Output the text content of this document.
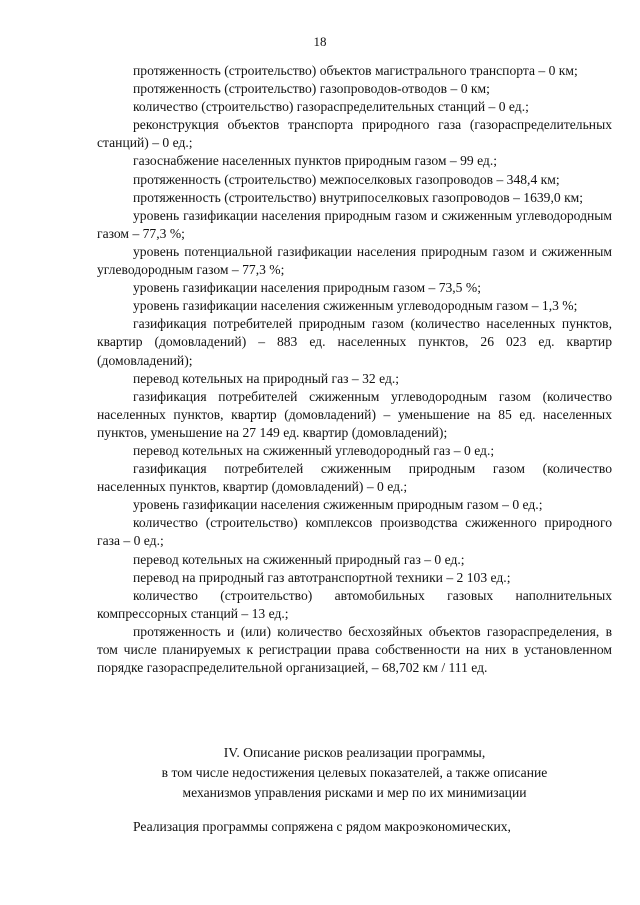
18

протяженность (строительство) объектов магистрального транспорта – 0 км;

протяженность (строительство) газопроводов-отводов – 0 км;

количество (строительство) газораспределительных станций – 0 ед.;

реконструкция объектов транспорта природного газа (газораспределительных станций) – 0 ед.;

газоснабжение населенных пунктов природным газом – 99 ед.;

протяженность (строительство) межпоселковых газопроводов – 348,4 км;

протяженность (строительство) внутрипоселковых газопроводов – 1639,0 км;

уровень газификации населения природным газом и сжиженным углеводородным газом – 77,3 %;

уровень потенциальной газификации населения природным газом и сжиженным углеводородным газом – 77,3 %;

уровень газификации населения природным газом – 73,5 %;

уровень газификации населения сжиженным углеводородным газом – 1,3 %;

газификация потребителей природным газом (количество населенных пунктов, квартир (домовладений) – 883 ед. населенных пунктов, 26 023 ед. квартир (домовладений);

перевод котельных на природный газ – 32 ед.;

газификация потребителей сжиженным углеводородным газом (количество населенных пунктов, квартир (домовладений) – уменьшение на 85 ед. населенных пунктов, уменьшение на 27 149 ед. квартир (домовладений);

перевод котельных на сжиженный углеводородный газ – 0 ед.;

газификация потребителей сжиженным природным газом (количество населенных пунктов, квартир (домовладений) – 0 ед.;

уровень газификации населения сжиженным природным газом – 0 ед.;

количество (строительство) комплексов производства сжиженного природного газа – 0 ед.;

перевод котельных на сжиженный природный газ – 0 ед.;

перевод на природный газ автотранспортной техники – 2 103 ед.;

количество (строительство) автомобильных газовых наполнительных компрессорных станций – 13 ед.;

протяженность и (или) количество бесхозяйных объектов газораспределения, в том числе планируемых к регистрации права собственности на них в установленном порядке газораспределительной организацией, – 68,702 км / 111 ед.

IV. Описание рисков реализации программы,
в том числе недостижения целевых показателей, а также описание
механизмов управления рисками и мер по их минимизации

Реализация программы сопряжена с рядом макроэкономических,
